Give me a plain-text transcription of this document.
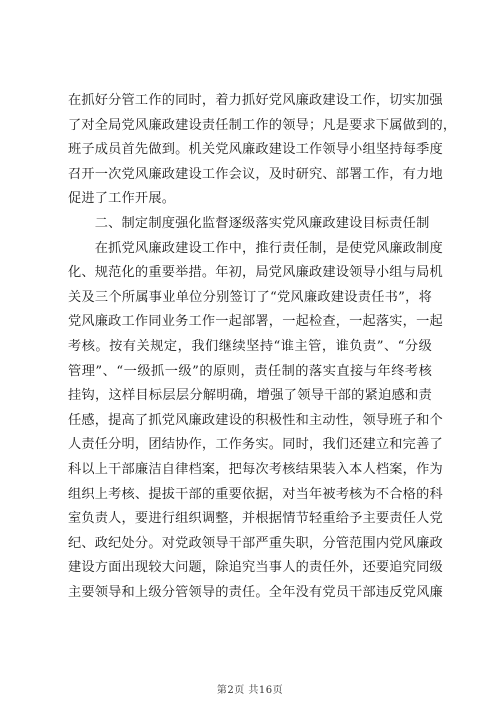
在抓好分管工作的同时，着力抓好党风廉政建设工作，切实加强
了对全局党风廉政建设责任制工作的领导；凡是要求下属做到的，
班子成员首先做到。机关党风廉政建设工作领导小组坚持每季度
召开一次党风廉政建设工作会议，及时研究、部署工作，有力地
促进了工作开展。
　　二、制定制度强化监督逐级落实党风廉政建设目标责任制
　　在抓党风廉政建设工作中，推行责任制，是使党风廉政制度
化、规范化的重要举措。年初，局党风廉政建设领导小组与局机
关及三个所属事业单位分别签订了“党风廉政建设责任书”，将
党风廉政工作同业务工作一起部署，一起检查，一起落实，一起
考核。按有关规定，我们继续坚持“谁主管，谁负责”、“分级
管理”、“一级抓一级”的原则，责任制的落实直接与年终考核
挂钩，这样目标层层分解明确，增强了领导干部的紧迫感和责
任感，提高了抓党风廉政建设的积极性和主动性，领导班子和个
人责任分明，团结协作，工作务实。同时，我们还建立和完善了
科以上干部廉洁自律档案，把每次考核结果装入本人档案，作为
组织上考核、提拔干部的重要依据，对当年被考核为不合格的科
室负责人，要进行组织调整，并根据情节轻重给予主要责任人党
纪、政纪处分。对党政领导干部严重失职，分管范围内党风廉政
建设方面出现较大问题，除追究当事人的责任外，还要追究同级
主要领导和上级分管领导的责任。全年没有党员干部违反党风廉
第2页 共16页
